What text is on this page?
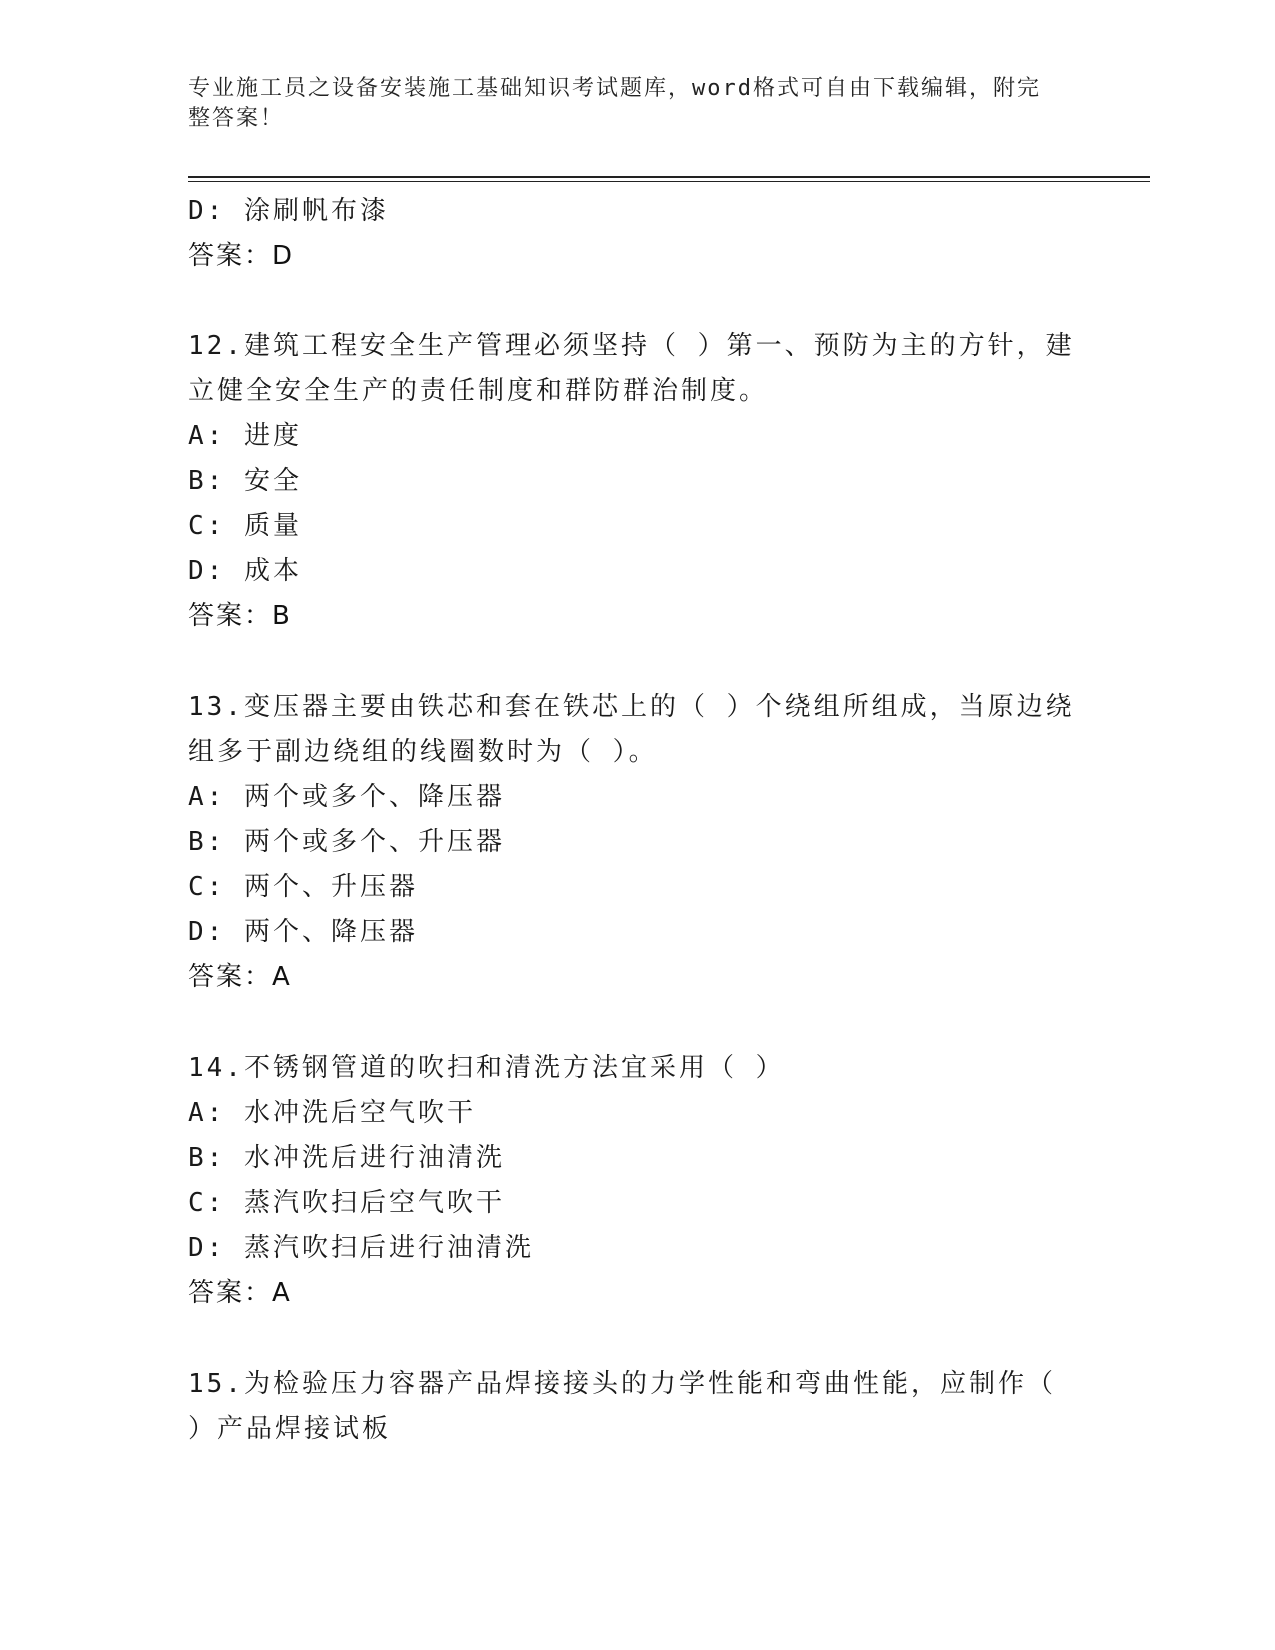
专业施工员之设备安装施工基础知识考试题库，word格式可自由下载编辑，附完
整答案！
D: 涂刷帆布漆
答案：D
12.建筑工程安全生产管理必须坚持（ ）第一、预防为主的方针，建
立健全安全生产的责任制度和群防群治制度。
A: 进度
B: 安全
C: 质量
D: 成本
答案：B
13.变压器主要由铁芯和套在铁芯上的（ ）个绕组所组成，当原边绕
组多于副边绕组的线圈数时为（ ）。
A: 两个或多个、降压器
B: 两个或多个、升压器
C: 两个、升压器
D: 两个、降压器
答案：A
14.不锈钢管道的吹扫和清洗方法宜采用（ ）
A: 水冲洗后空气吹干
B: 水冲洗后进行油清洗
C: 蒸汽吹扫后空气吹干
D: 蒸汽吹扫后进行油清洗
答案：A
15.为检验压力容器产品焊接接头的力学性能和弯曲性能，应制作（
）产品焊接试板
